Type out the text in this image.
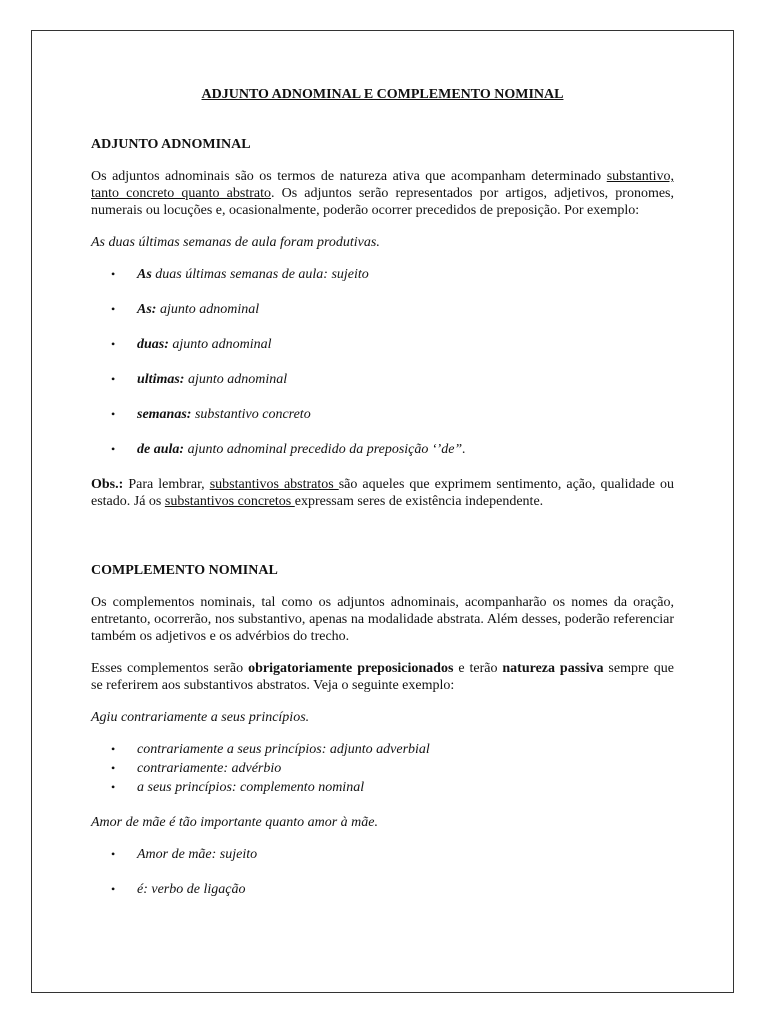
ADJUNTO ADNOMINAL E COMPLEMENTO NOMINAL
ADJUNTO ADNOMINAL

Os adjuntos adnominais são os termos de natureza ativa que acompanham determinado substantivo, tanto concreto quanto abstrato. Os adjuntos serão representados por artigos, adjetivos, pronomes, numerais ou locuções e, ocasionalmente, poderão ocorrer precedidos de preposição. Por exemplo:

As duas últimas semanas de aula foram produtivas.

• As duas últimas semanas de aula: sujeito
• As: ajunto adnominal
• duas: ajunto adnominal
• ultimas: ajunto adnominal
• semanas: substantivo concreto
• de aula: ajunto adnominal precedido da preposição ‘’de”.

Obs.: Para lembrar, substantivos abstratos são aqueles que exprimem sentimento, ação, qualidade ou estado. Já os substantivos concretos expressam seres de existência independente.

COMPLEMENTO NOMINAL

Os complementos nominais, tal como os adjuntos adnominais, acompanharão os nomes da oração, entretanto, ocorrerão, nos substantivo, apenas na modalidade abstrata. Além desses, poderão referenciar também os adjetivos e os advérbios do trecho.

Esses complementos serão obrigatoriamente preposicionados e terão natureza passiva sempre que se referirem aos substantivos abstratos. Veja o seguinte exemplo:

Agiu contrariamente a seus princípios.

• contrariamente a seus princípios: adjunto adverbial
• contrariamente: advérbio
• a seus princípios: complemento nominal

Amor de mãe é tão importante quanto amor à mãe.

• Amor de mãe: sujeito
• é: verbo de ligação
